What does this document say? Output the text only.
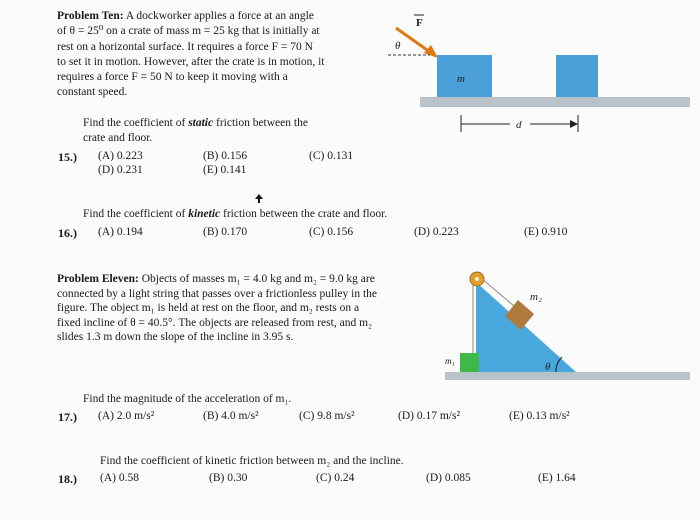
Problem Ten: A dockworker applies a force at an angle

of θ = 25⁰ on a crate of mass m = 25 kg that is initially at

rest on a horizontal surface. It requires a force F = 70 N

to set it in motion. However, after the crate is in motion, it

requires a force F = 50 N to keep it moving with a

constant speed.

F
θ
m
d
Find the coefficient of static friction between the
crate and floor.
15.) (A) 0.223	(B) 0.156	(C) 0.131
(D) 0.231	(E) 0.141
Find the coefficient of kinetic friction between the crate and floor.
16.) (A) 0.194	(B) 0.170	(C) 0.156	(D) 0.223	(E) 0.910

Problem Eleven: Objects of masses m₁ = 4.0 kg and m₂ = 9.0 kg are

connected by a light string that passes over a frictionless pulley in the

figure. The object m₁ is held at rest on the floor, and m₂ rests on a

fixed incline of θ = 40.5°. The objects are released from rest, and m₂

slides 1.3 m down the slope of the incline in 3.95 s.

m₂
m₁	θ
Find the magnitude of the acceleration of m₁.
17.) (A) 2.0 m/s²	(B) 4.0 m/s²	(C) 9.8 m/s²	(D) 0.17 m/s²	(E) 0.13 m/s²
Find the coefficient of kinetic friction between m₂ and the incline.
18.) (A) 0.58	(B) 0.30	(C) 0.24	(D) 0.085	(E) 1.64
